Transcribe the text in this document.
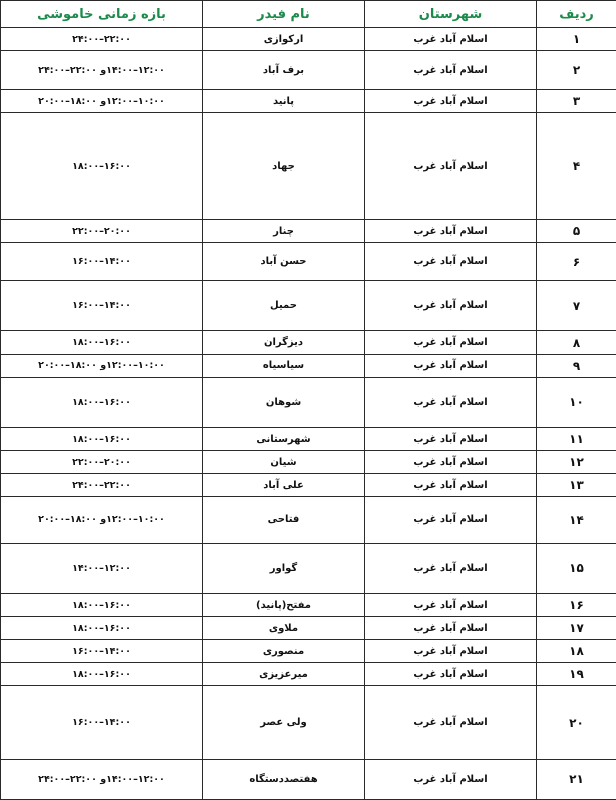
ردیف	شهرستان	نام فیدر	بازه زمانی خاموشی
۱	اسلام آباد غرب	ارکوازی	۲۲:۰۰–۲۴:۰۰
۲	اسلام آباد غرب	برف آباد	۱۲:۰۰–۱۴:۰۰و ۲۲:۰۰–۲۴:۰۰
۳	اسلام آباد غرب	پانید	۱۰:۰۰–۱۲:۰۰و ۱۸:۰۰–۲۰:۰۰
۴	اسلام آباد غرب	جهاد	۱۶:۰۰–۱۸:۰۰
۵	اسلام آباد غرب	چنار	۲۰:۰۰–۲۲:۰۰
۶	اسلام آباد غرب	حسن آباد	۱۴:۰۰–۱۶:۰۰
۷	اسلام آباد غرب	حمیل	۱۴:۰۰–۱۶:۰۰
۸	اسلام آباد غرب	دیزگران	۱۶:۰۰–۱۸:۰۰
۹	اسلام آباد غرب	سیاسیاه	۱۰:۰۰–۱۲:۰۰و ۱۸:۰۰–۲۰:۰۰
۱۰	اسلام آباد غرب	شوهان	۱۶:۰۰–۱۸:۰۰
۱۱	اسلام آباد غرب	شهرستانی	۱۶:۰۰–۱۸:۰۰
۱۲	اسلام آباد غرب	شیان	۲۰:۰۰–۲۲:۰۰
۱۳	اسلام آباد غرب	علی آباد	۲۲:۰۰–۲۴:۰۰
۱۴	اسلام آباد غرب	فتاحی	۱۰:۰۰–۱۲:۰۰و ۱۸:۰۰–۲۰:۰۰
۱۵	اسلام آباد غرب	گواور	۱۲:۰۰–۱۴:۰۰
۱۶	اسلام آباد غرب	مفتح(پانید)	۱۶:۰۰–۱۸:۰۰
۱۷	اسلام آباد غرب	ملاوی	۱۶:۰۰–۱۸:۰۰
۱۸	اسلام آباد غرب	منصوری	۱۴:۰۰–۱۶:۰۰
۱۹	اسلام آباد غرب	میرعزیزی	۱۶:۰۰–۱۸:۰۰
۲۰	اسلام آباد غرب	ولی عصر	۱۴:۰۰–۱۶:۰۰
۲۱	اسلام آباد غرب	هفتصددستگاه	۱۲:۰۰–۱۴:۰۰و ۲۲:۰۰–۲۴:۰۰
